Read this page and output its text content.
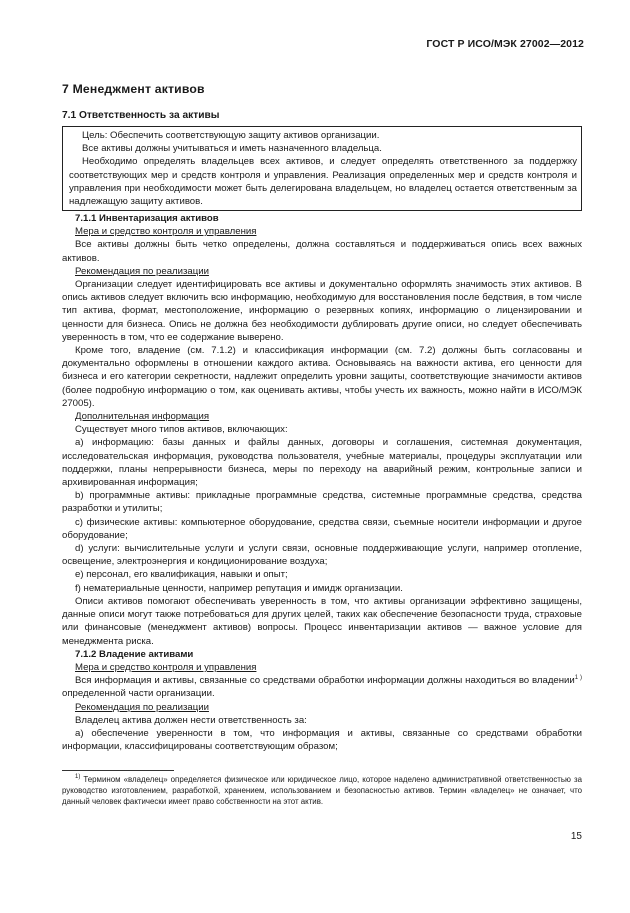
ГОСТ Р ИСО/МЭК 27002—2012
7 Менеджмент активов
7.1 Ответственность за активы

Цель: Обеспечить соответствующую защиту активов организации.

Все активы должны учитываться и иметь назначенного владельца.

Необходимо определять владельцев всех активов, и следует определять ответственного за поддержку соответствующих мер и средств контроля и управления. Реализация определенных мер и средств контроля и управления при необходимости может быть делегирована владельцем, но владелец остается ответственным за надлежащую защиту активов.

7.1.1 Инвентаризация активов

Мера и средство контроля и управления

Все активы должны быть четко определены, должна составляться и поддерживаться опись всех важных активов.

Рекомендация по реализации

Организации следует идентифицировать все активы и документально оформлять значимость этих активов. В опись активов следует включить всю информацию, необходимую для восстановления после бедствия, в том числе тип актива, формат, местоположение, информацию о резервных копиях, информацию о лицензировании и ценности для бизнеса. Опись не должна без необходимости дублировать другие описи, но следует обеспечивать уверенность в том, что ее содержание выверено.

Кроме того, владение (см. 7.1.2) и классификация информации (см. 7.2) должны быть согласованы и документально оформлены в отношении каждого актива. Основываясь на важности актива, его ценности для бизнеса и его категории секретности, надлежит определить уровни защиты, соответствующие значимости активов (более подробную информацию о том, как оценивать активы, чтобы учесть их важность, можно найти в ИСО/МЭК 27005).

Дополнительная информация

Существует много типов активов, включающих:

a) информацию: базы данных и файлы данных, договоры и соглашения, системная документация, исследовательская информация, руководства пользователя, учебные материалы, процедуры эксплуатации или поддержки, планы непрерывности бизнеса, меры по переходу на аварийный режим, контрольные записи и архивированная информация;

b) программные активы: прикладные программные средства, системные программные средства, средства разработки и утилиты;

c) физические активы: компьютерное оборудование, средства связи, съемные носители информации и другое оборудование;

d) услуги: вычислительные услуги и услуги связи, основные поддерживающие услуги, например отопление, освещение, электроэнергия и кондиционирование воздуха;

e) персонал, его квалификация, навыки и опыт;

f) нематериальные ценности, например репутация и имидж организации.

Описи активов помогают обеспечивать уверенность в том, что активы организации эффективно защищены, данные описи могут также потребоваться для других целей, таких как обеспечение безопасности труда, страховые или финансовые (менеджмент активов) вопросы. Процесс инвентаризации активов — важное условие для менеджмента риска.

7.1.2 Владение активами

Мера и средство контроля и управления

Вся информация и активы, связанные со средствами обработки информации должны находиться во владении$^{1 )}$ определенной части организации.

Рекомендация по реализации

Владелец актива должен нести ответственность за:

a) обеспечение уверенности в том, что информация и активы, связанные со средствами обработки информации, классифицированы соответствующим образом;

$^{1)}$ Термином «владелец» определяется физическое или юридическое лицо, которое наделено административной ответственностью за руководство изготовлением, разработкой, хранением, использованием и безопасностью активов. Термин «владелец» не означает, что данный человек фактически имеет право собственности на этот актив.

15
